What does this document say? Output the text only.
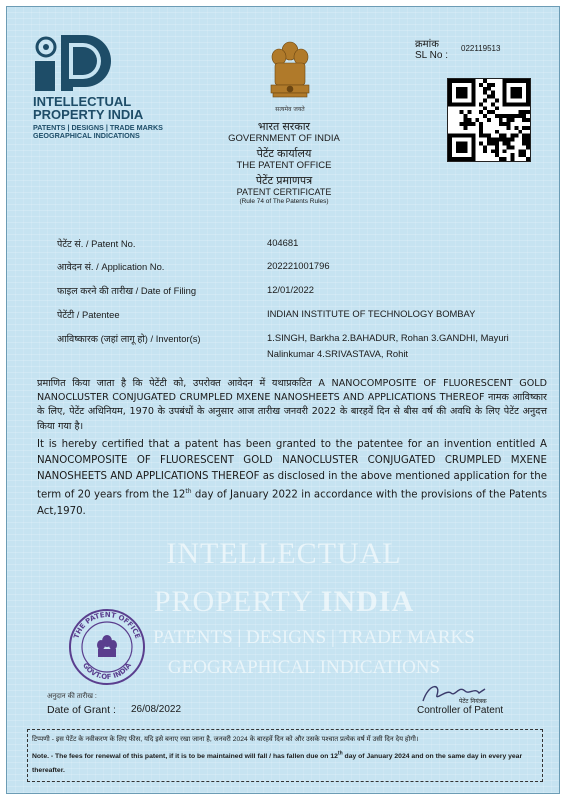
INTELLECTUAL
PROPERTY INDIA
PATENTS | DESIGNS | TRADE MARKS
GEOGRAPHICAL INDICATIONS
सत्यमेव जयते
क्रमांक
SL No :
022119513
भारत सरकार
GOVERNMENT OF INDIA
पेटेंट कार्यालय
THE PATENT OFFICE
पेटेंट प्रमाणपत्र
PATENT CERTIFICATE
(Rule 74 of The Patents Rules)
पेटेंट सं. / Patent No.	404681
आवेदन सं. / Application No.	202221001796
फाइल करने की तारीख / Date of Filing	12/01/2022
पेटेंटी / Patentee	INDIAN INSTITUTE OF TECHNOLOGY BOMBAY
आविष्कारक (जहां लागू हो) / Inventor(s)	1.SINGH, Barkha 2.BAHADUR, Rohan 3.GANDHI, Mayuri
Nalinkumar 4.SRIVASTAVA, Rohit
प्रमाणित किया जाता है कि पेटेंटी को, उपरोक्त आवेदन में यथाप्रकटित A NANOCOMPOSITE OF FLUORESCENT GOLD NANOCLUSTER CONJUGATED CRUMPLED MXENE NANOSHEETS AND APPLICATIONS THEREOF नामक आविष्कार के लिए, पेटेंट अधिनियम, 1970 के उपबंधों के अनुसार आज तारीख जनवरी 2022 के बारहवें दिन से बीस वर्ष की अवधि के लिए पेटेंट अनुदत्त किया गया है।
It is hereby certified that a patent has been granted to the patentee for an invention entitled A NANOCOMPOSITE OF FLUORESCENT GOLD NANOCLUSTER CONJUGATED CRUMPLED MXENE NANOSHEETS AND APPLICATIONS THEREOF as disclosed in the above mentioned application for the term of 20 years from the 12th day of January 2022 in accordance with the provisions of the Patents Act,1970.
INTELLECTUAL
PROPERTY INDIA
PATENTS | DESIGNS | TRADE MARKS
GEOGRAPHICAL INDICATIONS
THE PATENT OFFICE
GOVT.OF INDIA
अनुदान की तारीख :
Date of Grant : 26/08/2022
पेटेंट नियंत्रक
Controller of Patent
टिप्पणी - इस पेटेंट के नवीकरण के लिए फीस, यदि इसे बनाए रखा जाना है, जनवरी 2024 के बारहवें दिन को और उसके पश्चात प्रत्येक वर्ष में उसी दिन देय होगी।
Note. - The fees for renewal of this patent, if it is to be maintained will fall / has fallen due on 12th day of January 2024 and on the same day in every year thereafter.
